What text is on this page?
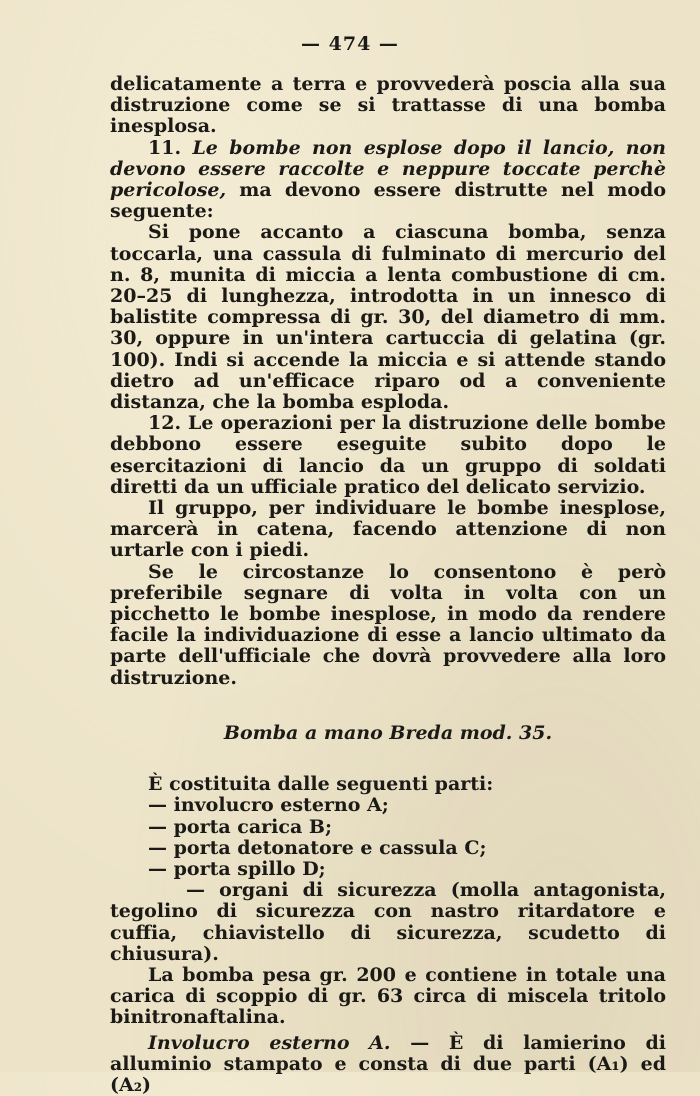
— 474 —

delicatamente a terra e provvederà poscia alla sua distruzione come se si trattasse di una bomba inesplosa.

11. Le bombe non esplose dopo il lancio, non devono essere raccolte e neppure toccate perchè pericolose, ma devono essere distrutte nel modo seguente:

Si pone accanto a ciascuna bomba, senza toccarla, una cassula di fulminato di mercurio del n. 8, munita di miccia a lenta combustione di cm. 20–25 di lunghezza, introdotta in un innesco di balistite compressa di gr. 30, del diametro di mm. 30, oppure in un'intera cartuccia di gelatina (gr. 100). Indi si accende la miccia e si attende stando dietro ad un'efficace riparo od a conveniente distanza, che la bomba esploda.

12. Le operazioni per la distruzione delle bombe debbono essere eseguite subito dopo le esercitazioni di lancio da un gruppo di soldati diretti da un ufficiale pratico del delicato servizio.

Il gruppo, per individuare le bombe inesplose, marcerà in catena, facendo attenzione di non urtarle con i piedi.

Se le circostanze lo consentono è però preferibile segnare di volta in volta con un picchetto le bombe inesplose, in modo da rendere facile la individuazione di esse a lancio ultimato da parte dell'ufficiale che dovrà provvedere alla loro distruzione.

Bomba a mano Breda mod. 35.

È costituita dalle seguenti parti:

— involucro esterno A;
— porta carica B;
— porta detonatore e cassula C;
— porta spillo D;
— organi di sicurezza (molla antagonista, tegolino di sicurezza con nastro ritardatore e cuffia, chiavistello di sicurezza, scudetto di chiusura).

La bomba pesa gr. 200 e contiene in totale una carica di scoppio di gr. 63 circa di miscela tritolo binitronaftalina.

Involucro esterno A. — È di lamierino di alluminio stampato e consta di due parti (A₁) ed (A₂)
